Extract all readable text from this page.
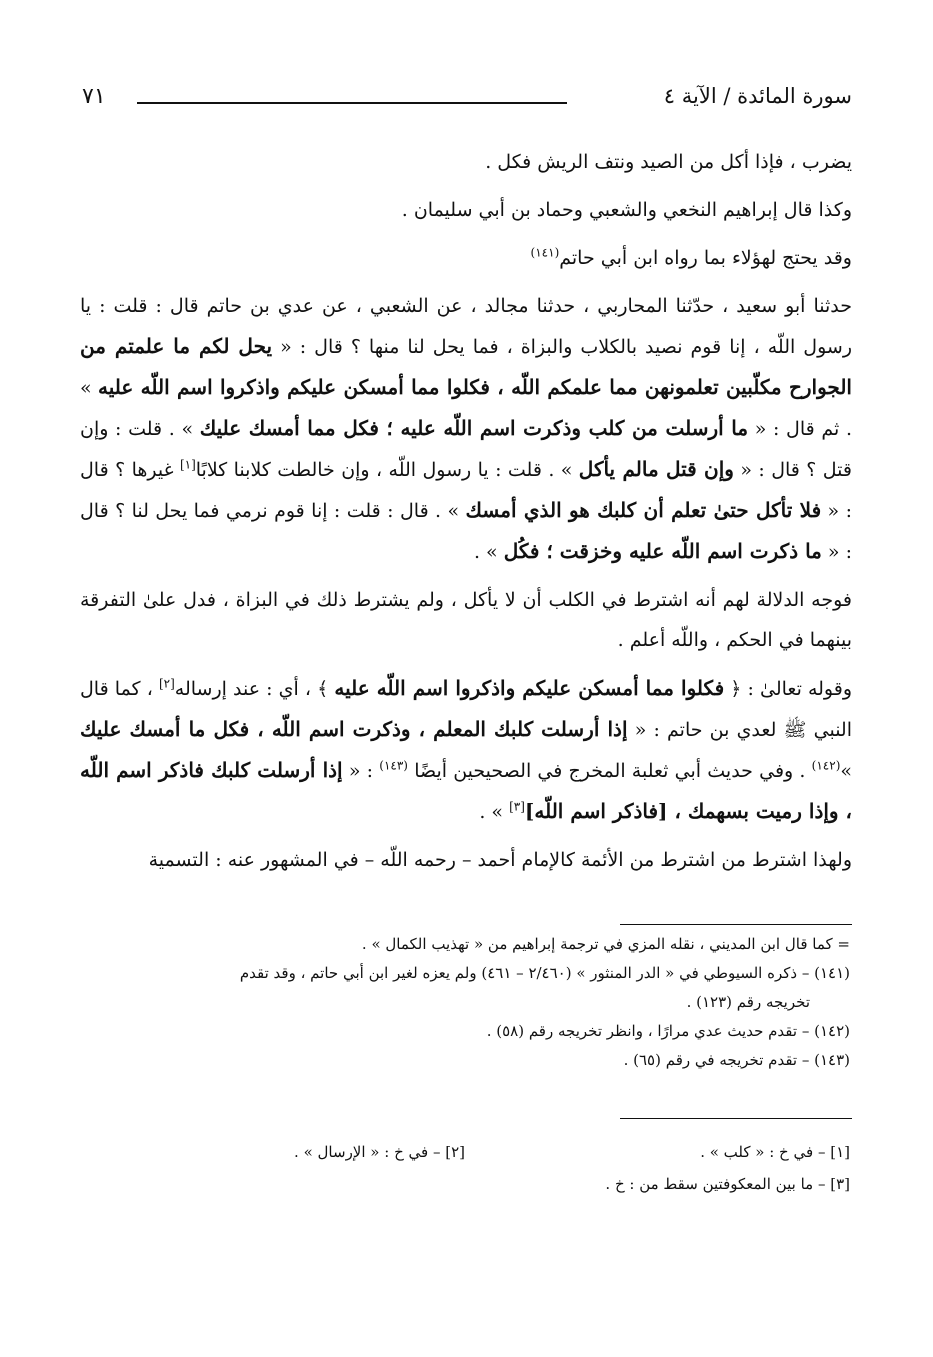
سورة المائدة / الآية ٤
٧١

يضرب ، فإذا أكل من الصيد ونتف الريش فكل .

وكذا قال إبراهيم النخعي والشعبي وحماد بن أبي سليمان .

وقد يحتج لهؤلاء بما رواه ابن أبي حاتم$^{(١٤١)}$

حدثنا أبو سعيد ، حدّثنا المحاربي ، حدثنا مجالد ، عن الشعبي ، عن عدي بن حاتم قال : قلت : يا رسول اللّه ، إنا قوم نصيد بالكلاب والبزاة ، فما يحل لنا منها ؟ قال : « يحل لكم ما علمتم من الجوارح مكلّبين تعلمونهن مما علمكم اللّه ، فكلوا مما أمسكن عليكم واذكروا اسم اللّه عليه » . ثم قال : « ما أرسلت من كلب وذكرت اسم اللّه عليه ؛ فكل مما أمسك عليك » . قلت : وإن قتل ؟ قال : « وإن قتل مالم يأكل » . قلت : يا رسول اللّه ، وإن خالطت كلابنا كلابًا[١] غيرها ؟ قال : « فلا تأكل حتىٰ تعلم أن كلبك هو الذي أمسك » . قال : قلت : إنا قوم نرمي فما يحل لنا ؟ قال : « ما ذكرت اسم اللّه عليه وخزقت ؛ فكُل » .

فوجه الدلالة لهم أنه اشترط في الكلب أن لا يأكل ، ولم يشترط ذلك في البزاة ، فدل علىٰ التفرقة بينهما في الحكم ، واللّه أعلم .

وقوله تعالىٰ : ﴿ فكلوا مما أمسكن عليكم واذكروا اسم اللّه عليه ﴾ ، أي : عند إرساله[٢] ، كما قال النبي ﷺ لعدي بن حاتم : « إذا أرسلت كلبك المعلم ، وذكرت اسم اللّه ، فكل ما أمسك عليك »$^{(١٤٢)}$ . وفي حديث أبي ثعلبة المخرج في الصحيحين أيضًا $^{(١٤٣)}$ : « إذا أرسلت كلبك فاذكر اسم اللّه ، وإذا رميت بسهمك ، [فاذكر اسم اللّه][٣] » .

ولهذا اشترط من اشترط من الأئمة كالإمام أحمد – رحمه اللّه – في المشهور عنه : التسمية

= كما قال ابن المديني ، نقله المزي في ترجمة إبراهيم من « تهذيب الكمال » .
(١٤١) – ذكره السيوطي في « الدر المنثور » (٢/٤٦٠ – ٤٦١) ولم يعزه لغير ابن أبي حاتم ، وقد تقدم
تخريجه رقم (١٢٣) .
(١٤٢) – تقدم حديث عدي مرارًا ، وانظر تخريجه رقم (٥٨) .
(١٤٣) – تقدم تخريجه في رقم (٦٥) .
[١] – في خ : « كلب » .
[٢] – في خ : « الإرسال » .
[٣] – ما بين المعكوفتين سقط من : خ .
